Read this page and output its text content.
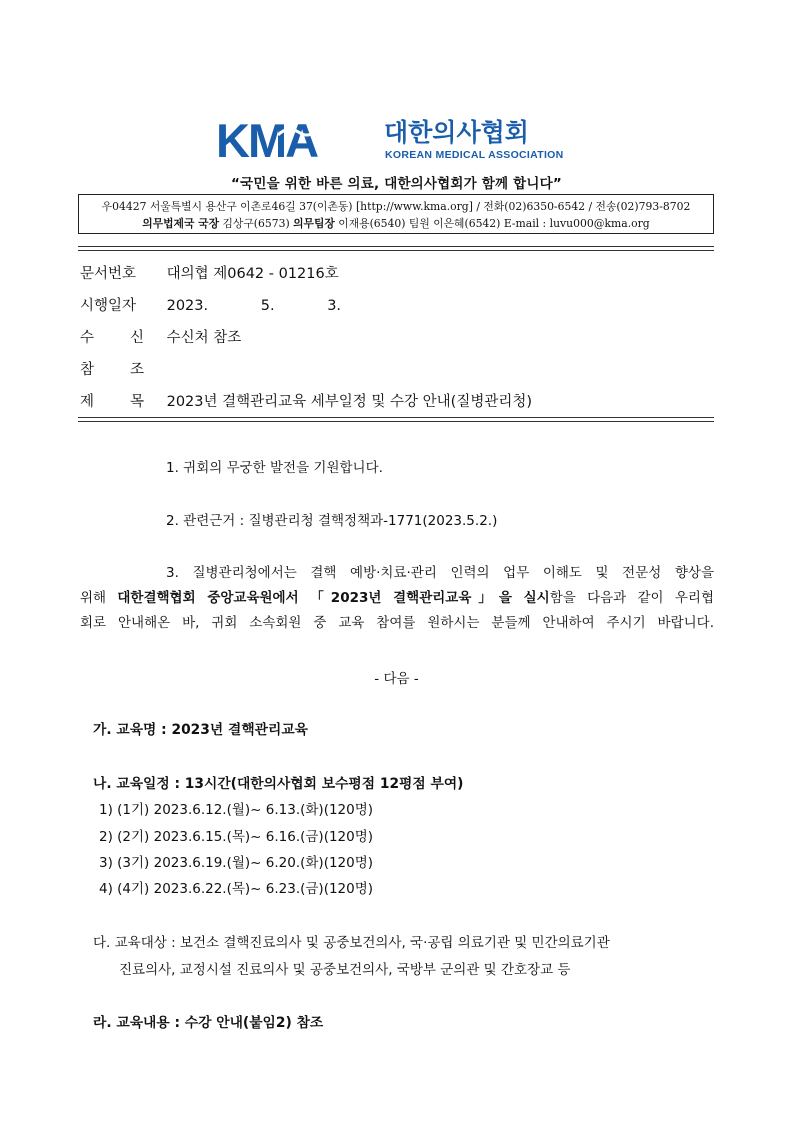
KMA	대한의사협회
KOREAN MEDICAL ASSOCIATION
“국민을 위한 바른 의료, 대한의사협회가 함께 합니다”
우04427 서울특별시 용산구 이촌로46길 37(이촌동) [http://www.kma.org] / 전화(02)6350-6542 / 전송(02)793-8702
의무법제국 국장 김상구(6573) 의무팀장 이재용(6540) 팀원 이은혜(6542) E-mail : luvu000@kma.org
문서번호 대의협 제0642 - 01216호
시행일자 2023.	5.	3.
수 신 수신처 참조
참 조

제 목 2023년 결핵관리교육 세부일정 및 수강 안내(질병관리청)
1. 귀회의 무궁한 발전을 기원합니다.
2. 관련근거 : 질병관리청 결핵정책과-1771(2023.5.2.)
3. 질병관리청에서는 결핵 예방·치료·관리 인력의 업무 이해도 및 전문성 향상을
위해 대한결핵협회 중앙교육원에서 「2023년 결핵관리교육」을 실시함을 다음과 같이 우리협
회로 안내해온 바, 귀회 소속회원 중 교육 참여를 원하시는 분들께 안내하여 주시기 바랍니다.
- 다음 -
가. 교육명 : 2023년 결핵관리교육
나. 교육일정 : 13시간(대한의사협회 보수평점 12평점 부여)
1) (1기) 2023.6.12.(월)~ 6.13.(화)(120명)
2) (2기) 2023.6.15.(목)~ 6.16.(금)(120명)
3) (3기) 2023.6.19.(월)~ 6.20.(화)(120명)
4) (4기) 2023.6.22.(목)~ 6.23.(금)(120명)
다. 교육대상 : 보건소 결핵진료의사 및 공중보건의사, 국·공립 의료기관 및 민간의료기관
진료의사, 교정시설 진료의사 및 공중보건의사, 국방부 군의관 및 간호장교 등
라. 교육내용 : 수강 안내(붙임2) 참조
